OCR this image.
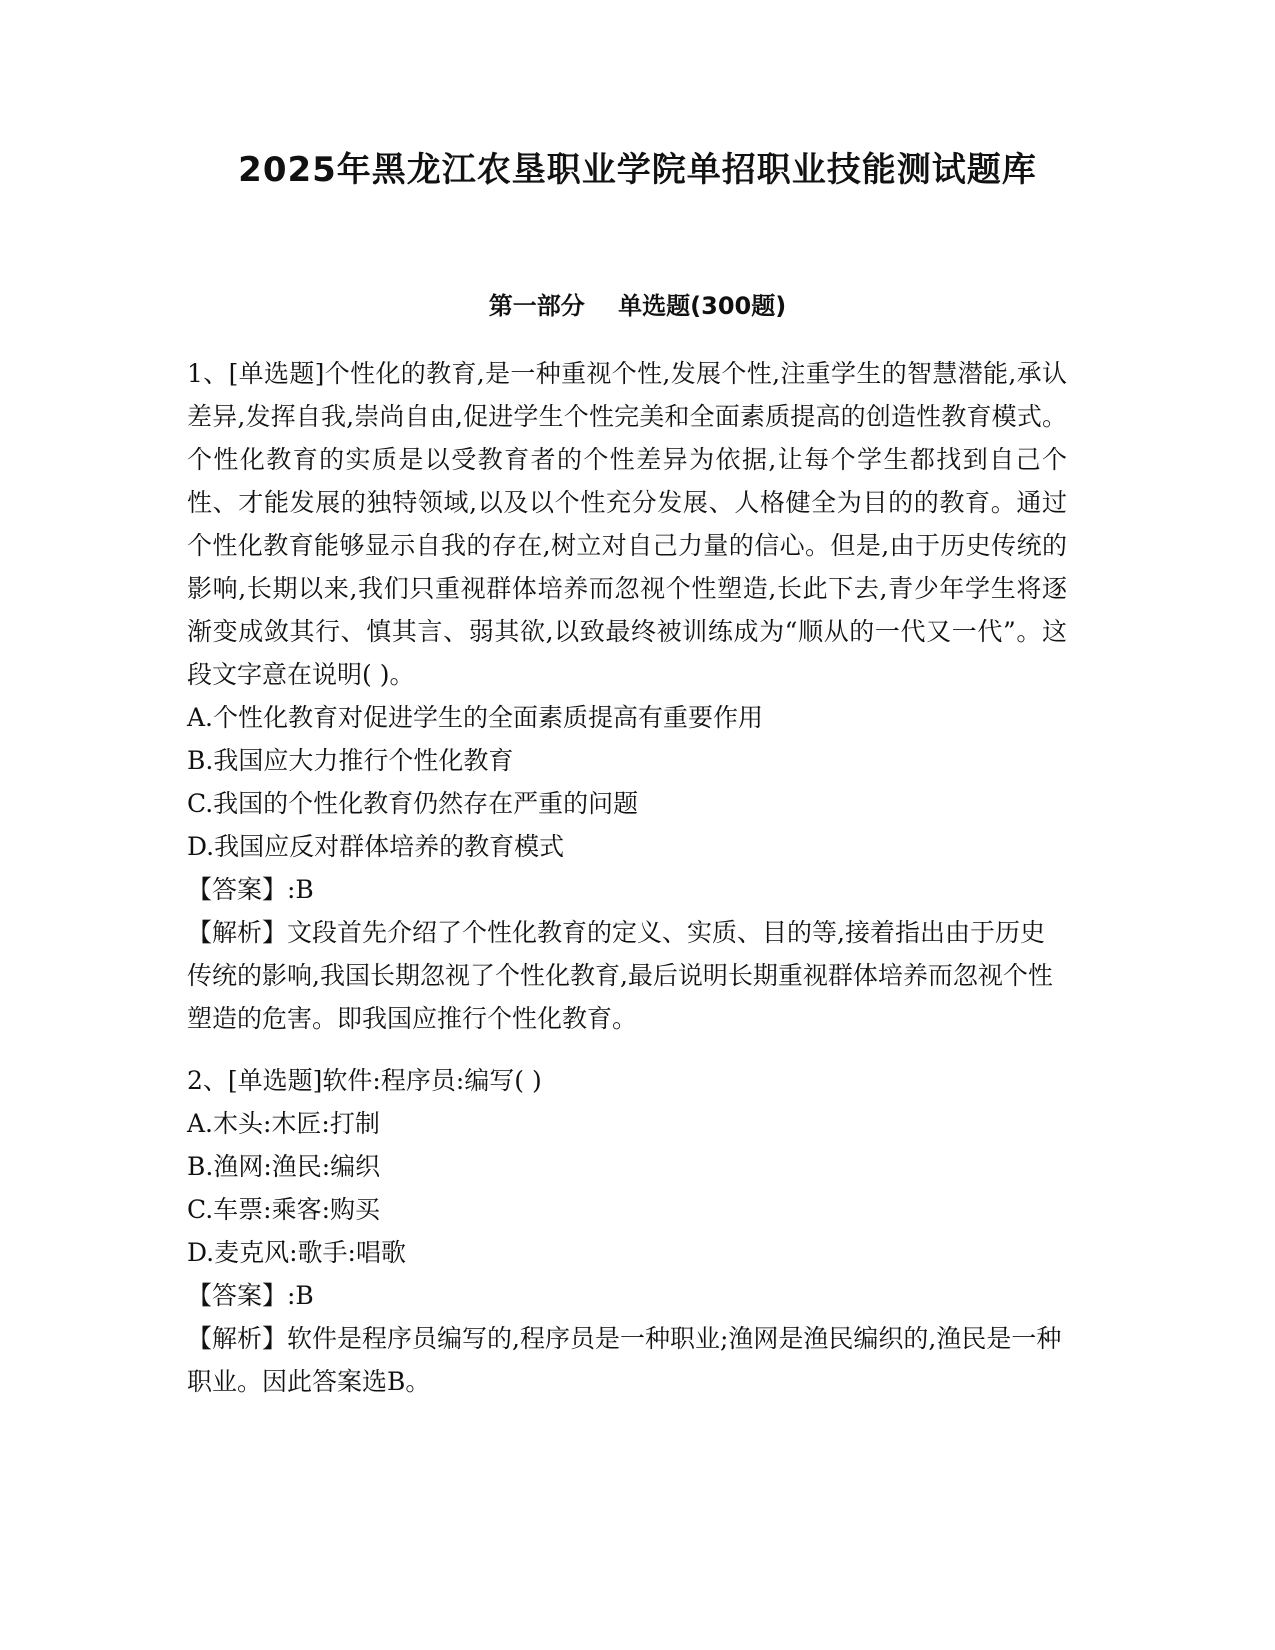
2025年黑龙江农垦职业学院单招职业技能测试题库
第一部分    单选题(300题)

1、[单选题]个性化的教育,是一种重视个性,发展个性,注重学生的智慧潜能,承认差异,发挥自我,崇尚自由,促进学生个性完美和全面素质提高的创造性教育模式。个性化教育的实质是以受教育者的个性差异为依据,让每个学生都找到自己个性、才能发展的独特领域,以及以个性充分发展、人格健全为目的的教育。通过个性化教育能够显示自我的存在,树立对自己力量的信心。但是,由于历史传统的影响,长期以来,我们只重视群体培养而忽视个性塑造,长此下去,青少年学生将逐渐变成敛其行、慎其言、弱其欲,以致最终被训练成为“顺从的一代又一代”。这段文字意在说明( )。

A.个性化教育对促进学生的全面素质提高有重要作用
B.我国应大力推行个性化教育
C.我国的个性化教育仍然存在严重的问题
D.我国应反对群体培养的教育模式

【答案】:B

【解析】文段首先介绍了个性化教育的定义、实质、目的等,接着指出由于历史传统的影响,我国长期忽视了个性化教育,最后说明长期重视群体培养而忽视个性塑造的危害。即我国应推行个性化教育。

2、[单选题]软件:程序员:编写( )

A.木头:木匠:打制
B.渔网:渔民:编织
C.车票:乘客:购买
D.麦克风:歌手:唱歌

【答案】:B

【解析】软件是程序员编写的,程序员是一种职业;渔网是渔民编织的,渔民是一种职业。因此答案选B。
